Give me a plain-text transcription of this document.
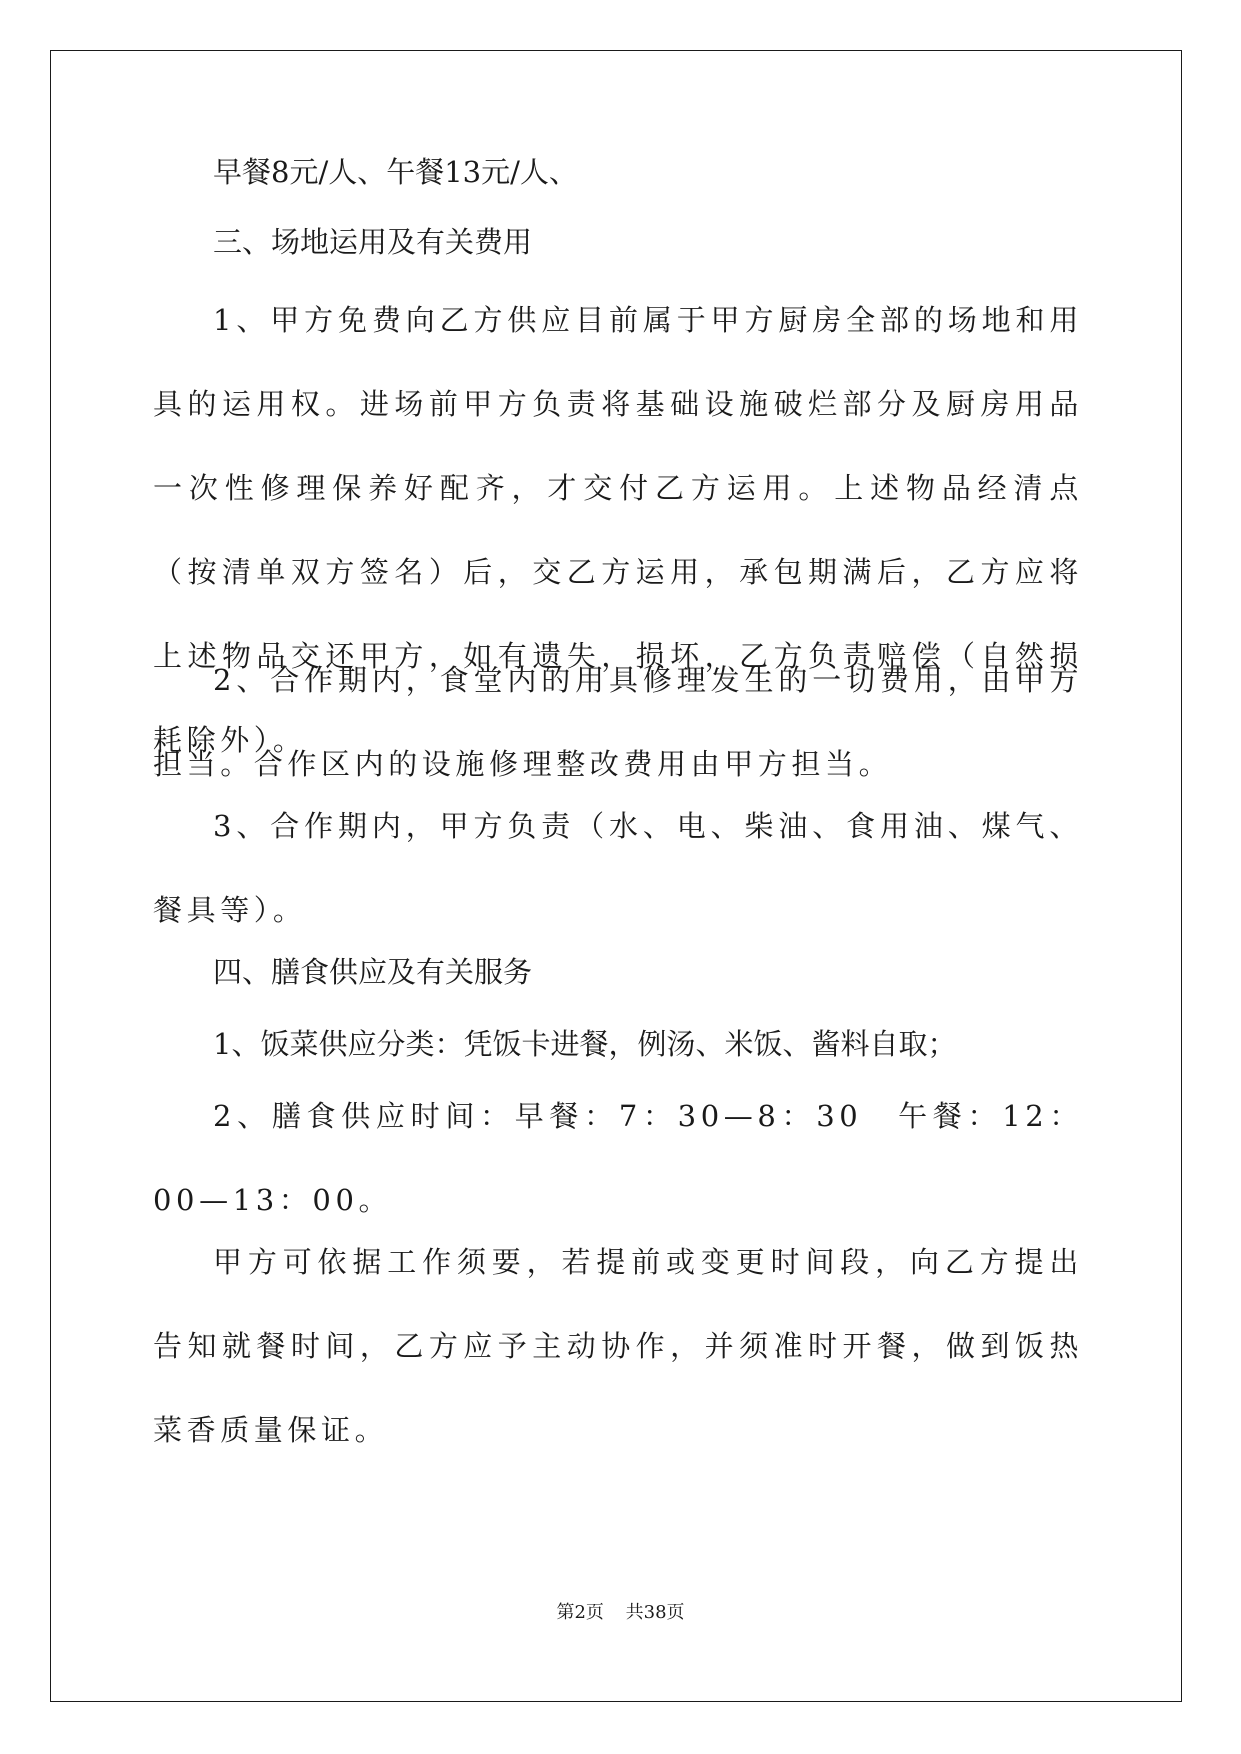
早餐8元/人、午餐13元/人、

三、场地运用及有关费用

1、甲方免费向乙方供应目前属于甲方厨房全部的场地和用具的运用权。进场前甲方负责将基础设施破烂部分及厨房用品一次性修理保养好配齐，才交付乙方运用。上述物品经清点（按清单双方签名）后，交乙方运用，承包期满后，乙方应将上述物品交还甲方，如有遗失，损坏，乙方负责赔偿（自然损耗除外）。

2、合作期内，食堂内的用具修理发生的一切费用，由甲方担当。合作区内的设施修理整改费用由甲方担当。

3、合作期内，甲方负责（水、电、柴油、食用油、煤气、餐具等）。

四、膳食供应及有关服务

1、饭菜供应分类：凭饭卡进餐，例汤、米饭、酱料自取；

2、膳食供应时间：早餐：7：30—8：30　午餐：12：00—13：00。

甲方可依据工作须要，若提前或变更时间段，向乙方提出告知就餐时间，乙方应予主动协作，并须准时开餐，做到饭热菜香质量保证。

第2页 共38页
